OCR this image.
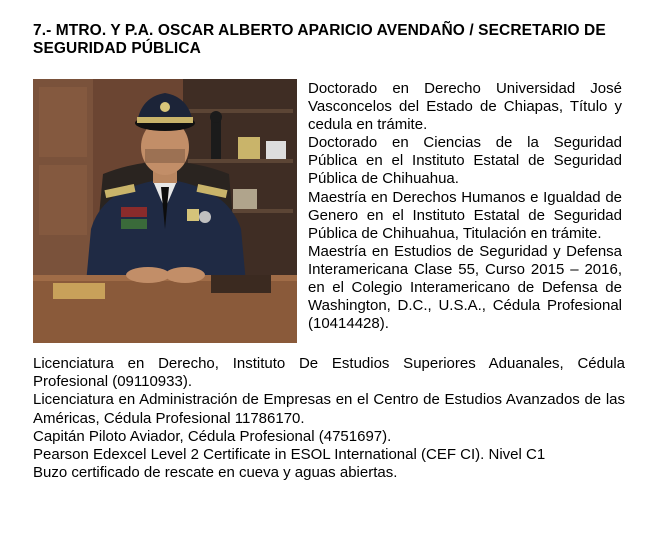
7.- MTRO. Y P.A. OSCAR ALBERTO APARICIO AVENDAÑO / SECRETARIO DE SEGURIDAD PÚBLICA

Doctorado en Derecho Universidad José Vasconcelos del Estado de Chiapas, Título y cedula en trámite.

Doctorado en Ciencias de la Seguridad Pública en el Instituto Estatal de Seguridad Pública de Chihuahua.

Maestría en Derechos Humanos e Igualdad de Genero en el Instituto Estatal de Seguridad Pública de Chihuahua, Titulación en trámite.

Maestría en Estudios de Seguridad y Defensa Interamericana Clase 55, Curso 2015 – 2016, en el Colegio Interamericano de Defensa de Washington, D.C., U.S.A., Cédula Profesional (10414428).

Licenciatura en Derecho, Instituto De Estudios Superiores Aduanales, Cédula Profesional (09110933).

Licenciatura en Administración de Empresas en el Centro de Estudios Avanzados de las Américas, Cédula Profesional 11786170.

Capitán Piloto Aviador, Cédula Profesional (4751697).

Pearson Edexcel Level 2 Certificate in ESOL International (CEF CI). Nivel C1

Buzo certificado de rescate en cueva y aguas abiertas.
